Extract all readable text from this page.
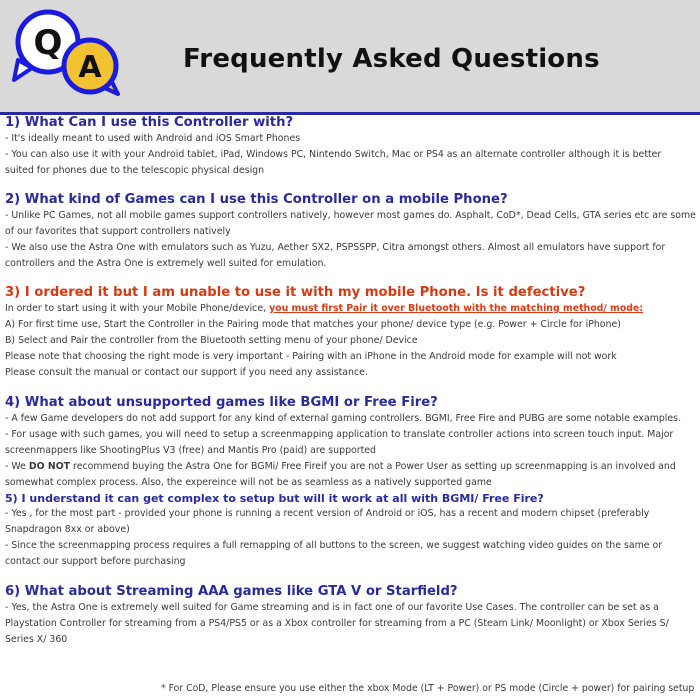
Q
A	Frequently Asked Questions
1) What Can I use this Controller with?
- It's ideally meant to used with Android and iOS Smart Phones
- You can also use it with your Android tablet, iPad, Windows PC, Nintendo Switch, Mac or PS4 as an alternate controller although it is better
suited for phones due to the telescopic physical design
2) What kind of Games can I use this Controller on a mobile Phone?
- Unlike PC Games, not all mobile games support controllers natively, however most games do. Asphalt, CoD*, Dead Cells, GTA series etc are some
of our favorites that support controllers natively
- We also use the Astra One with emulators such as Yuzu, Aether SX2, PSPSSPP, Citra amongst others. Almost all emulators have support for
controllers and the Astra One is extremely well suited for emulation.
3) I ordered it but I am unable to use it with my mobile Phone. Is it defective?
In order to start using it with your Mobile Phone/device, you must first Pair it over Bluetooth with the matching method/ mode:
A) For first time use, Start the Controller in the Pairing mode that matches your phone/ device type (e.g. Power + Circle for iPhone)
B) Select and Pair the controller from the Bluetooth setting menu of your phone/ Device
Please note that choosing the right mode is very important - Pairing with an iPhone in the Android mode for example will not work
Please consult the manual or contact our support if you need any assistance.
4) What about unsupported games like BGMI or Free Fire?
- A few Game developers do not add support for any kind of external gaming controllers. BGMI, Free Fire and PUBG are some notable examples.
- For usage with such games, you will need to setup a screenmapping application to translate controller actions into screen touch input. Major
screenmappers like ShootingPlus V3 (free) and Mantis Pro (paid) are supported
- We DO NOT recommend buying the Astra One for BGMi/ Free Fireif you are not a Power User as setting up screenmapping is an involved and
somewhat complex process. Also, the expereince will not be as seamless as a natively supported game
5) I understand it can get complex to setup but will it work at all with BGMI/ Free Fire?
- Yes , for the most part - provided your phone is running a recent version of Android or iOS, has a recent and modern chipset (preferably
Snapdragon 8xx or above)
- Since the screenmapping process requires a full remapping of all buttons to the screen, we suggest watching video guides on the same or
contact our support before purchasing
6) What about Streaming AAA games like GTA V or Starfield?
- Yes, the Astra One is extremely well suited for Game streaming and is in fact one of our favorite Use Cases. The controller can be set as a
Playstation Controller for streaming from a PS4/PS5 or as a Xbox controller for streaming from a PC (Steam Link/ Moonlight) or Xbox Series S/
Series X/ 360
* For CoD, Please ensure you use either the xbox Mode (LT + Power) or PS mode (Circle + power) for pairing setup
